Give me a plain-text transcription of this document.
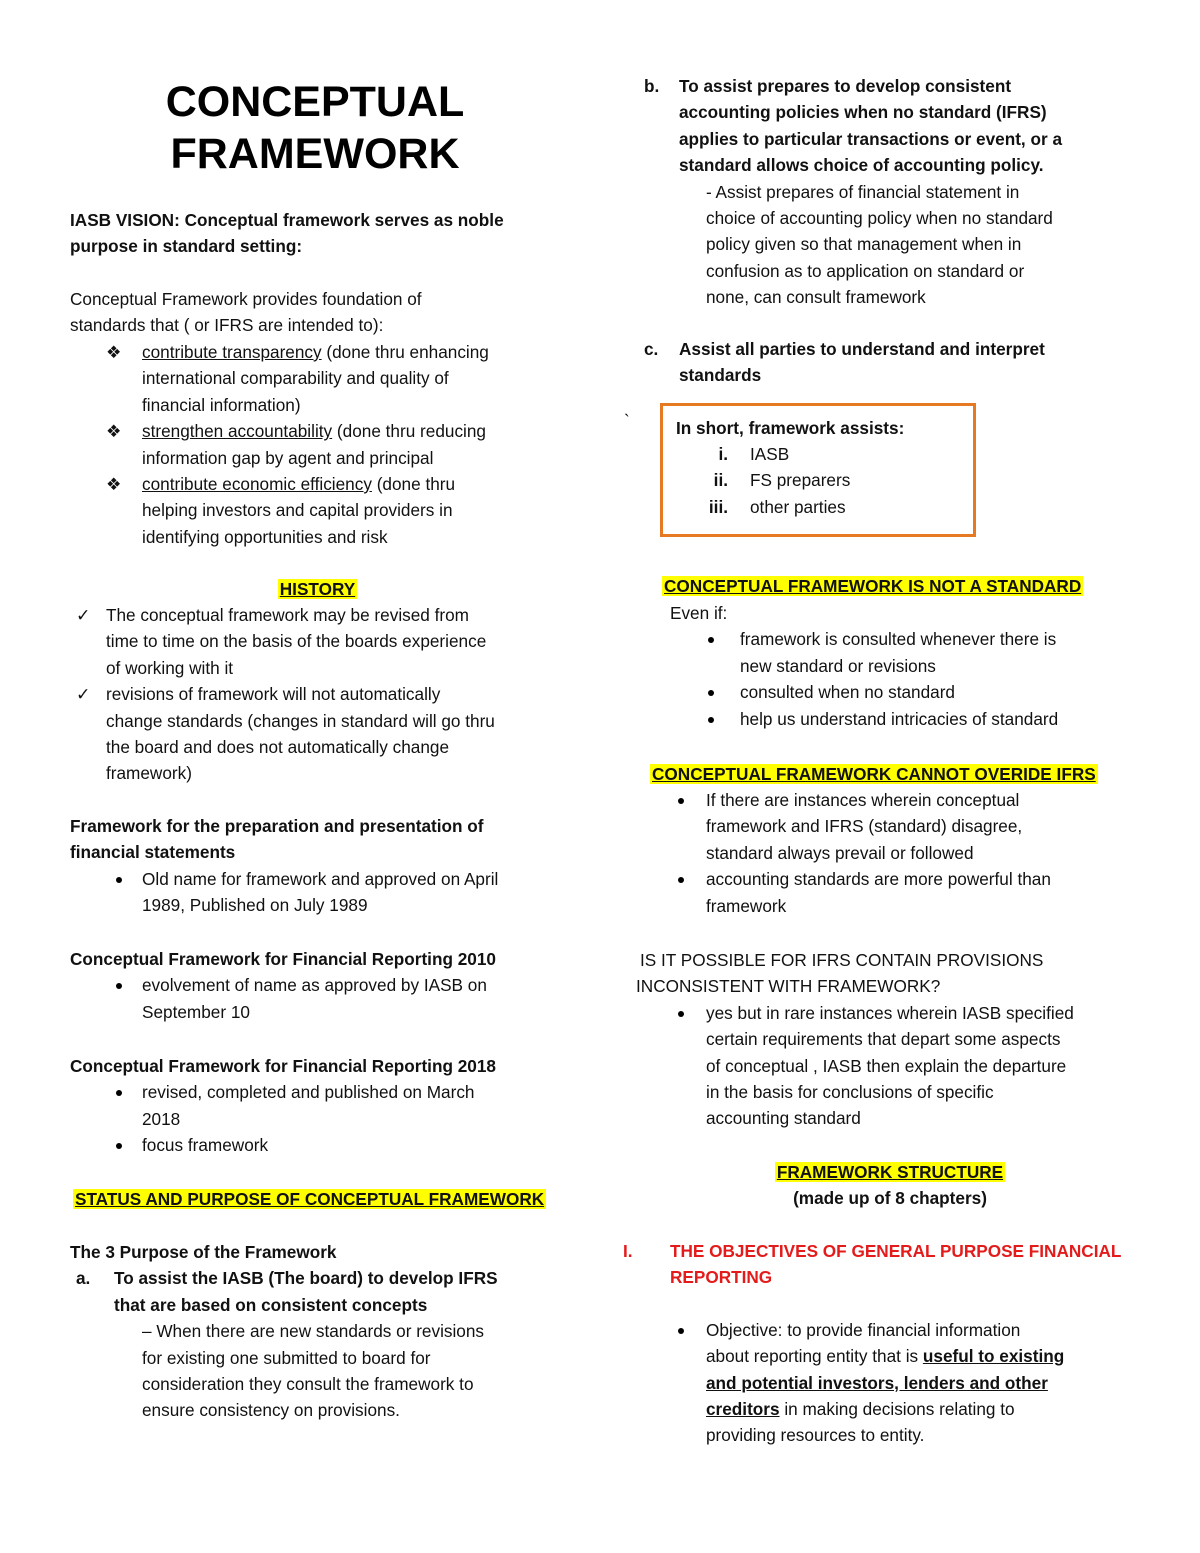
CONCEPTUAL
FRAMEWORK
IASB VISION: Conceptual framework serves as noble
purpose in standard setting:
Conceptual Framework provides foundation of
standards that ( or IFRS are intended to):
❖ contribute transparency (done thru enhancing
international comparability and quality of
financial information)
❖ strengthen accountability (done thru reducing
information gap by agent and principal
❖ contribute economic efficiency (done thru
helping investors and capital providers in
identifying opportunities and risk
HISTORY
✓ The conceptual framework may be revised from
time to time on the basis of the boards experience
of working with it
✓ revisions of framework will not automatically
change standards (changes in standard will go thru
the board and does not automatically change
framework)
Framework for the preparation and presentation of
financial statements
Old name for framework and approved on April
1989, Published on July 1989
Conceptual Framework for Financial Reporting 2010
evolvement of name as approved by IASB on
September 10
Conceptual Framework for Financial Reporting 2018
revised, completed and published on March
2018
focus framework
STATUS AND PURPOSE OF CONCEPTUAL FRAMEWORK
The 3 Purpose of the Framework
a. To assist the IASB (The board) to develop IFRS
that are based on consistent concepts
– When there are new standards or revisions
for existing one submitted to board for
consideration they consult the framework to
ensure consistency on provisions.
b. To assist prepares to develop consistent
accounting policies when no standard (IFRS)
applies to particular transactions or event, or a
standard allows choice of accounting policy.
- Assist prepares of financial statement in
choice of accounting policy when no standard
policy given so that management when in
confusion as to application on standard or
none, can consult framework
c. Assist all parties to understand and interpret
standards
`	In short, framework assists:
i. IASB
ii. FS preparers
iii. other parties
CONCEPTUAL FRAMEWORK IS NOT A STANDARD
Even if:
framework is consulted whenever there is
new standard or revisions
consulted when no standard
help us understand intricacies of standard
CONCEPTUAL FRAMEWORK CANNOT OVERIDE IFRS
If there are instances wherein conceptual
framework and IFRS (standard) disagree,
standard always prevail or followed
accounting standards are more powerful than
framework
IS IT POSSIBLE FOR IFRS CONTAIN PROVISIONS
INCONSISTENT WITH FRAMEWORK?
yes but in rare instances wherein IASB specified
certain requirements that depart some aspects
of conceptual , IASB then explain the departure
in the basis for conclusions of specific
accounting standard
FRAMEWORK STRUCTURE
(made up of 8 chapters)
I. THE OBJECTIVES OF GENERAL PURPOSE FINANCIAL
REPORTING
Objective: to provide financial information
about reporting entity that is useful to existing
and potential investors, lenders and other
creditors in making decisions relating to
providing resources to entity.
